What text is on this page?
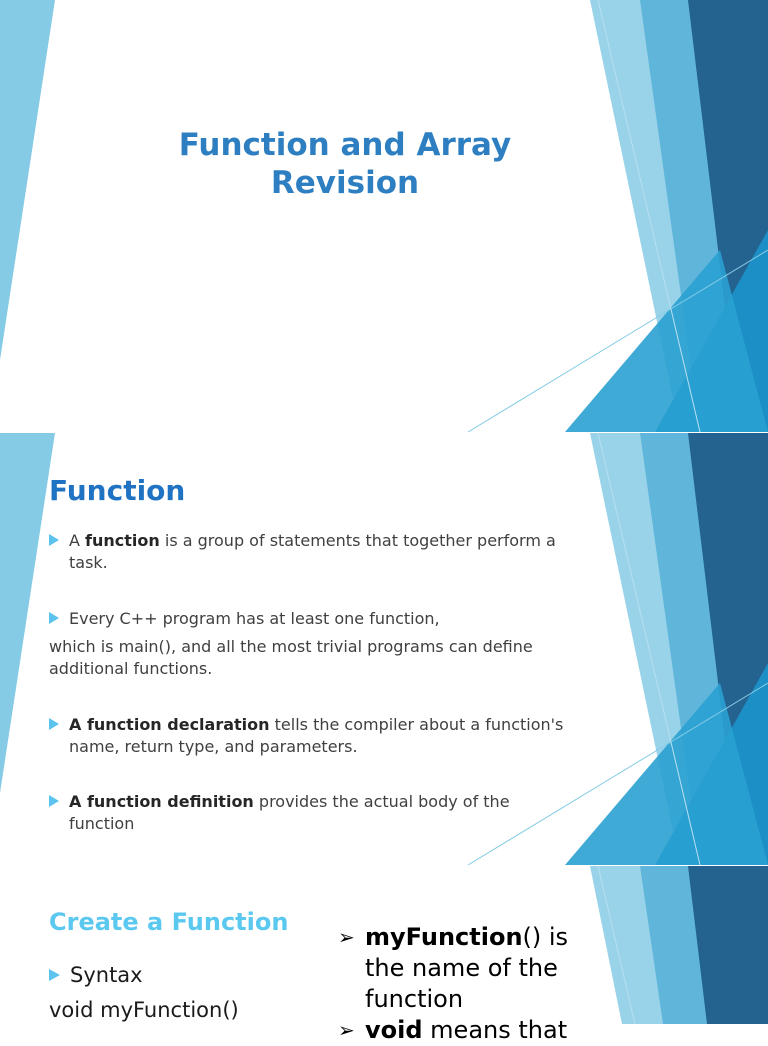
Function and Array
Revision
Function
A function is a group of statements that together perform a task.
Every C++ program has at least one function,
which is main(), and all the most trivial programs can define additional functions.
A function declaration tells the compiler about a function's name, return type, and parameters.
A function definition provides the actual body of the function
Create a Function
Syntax
void myFunction()
➢ myFunction() is the name of the function
➢ void means that
